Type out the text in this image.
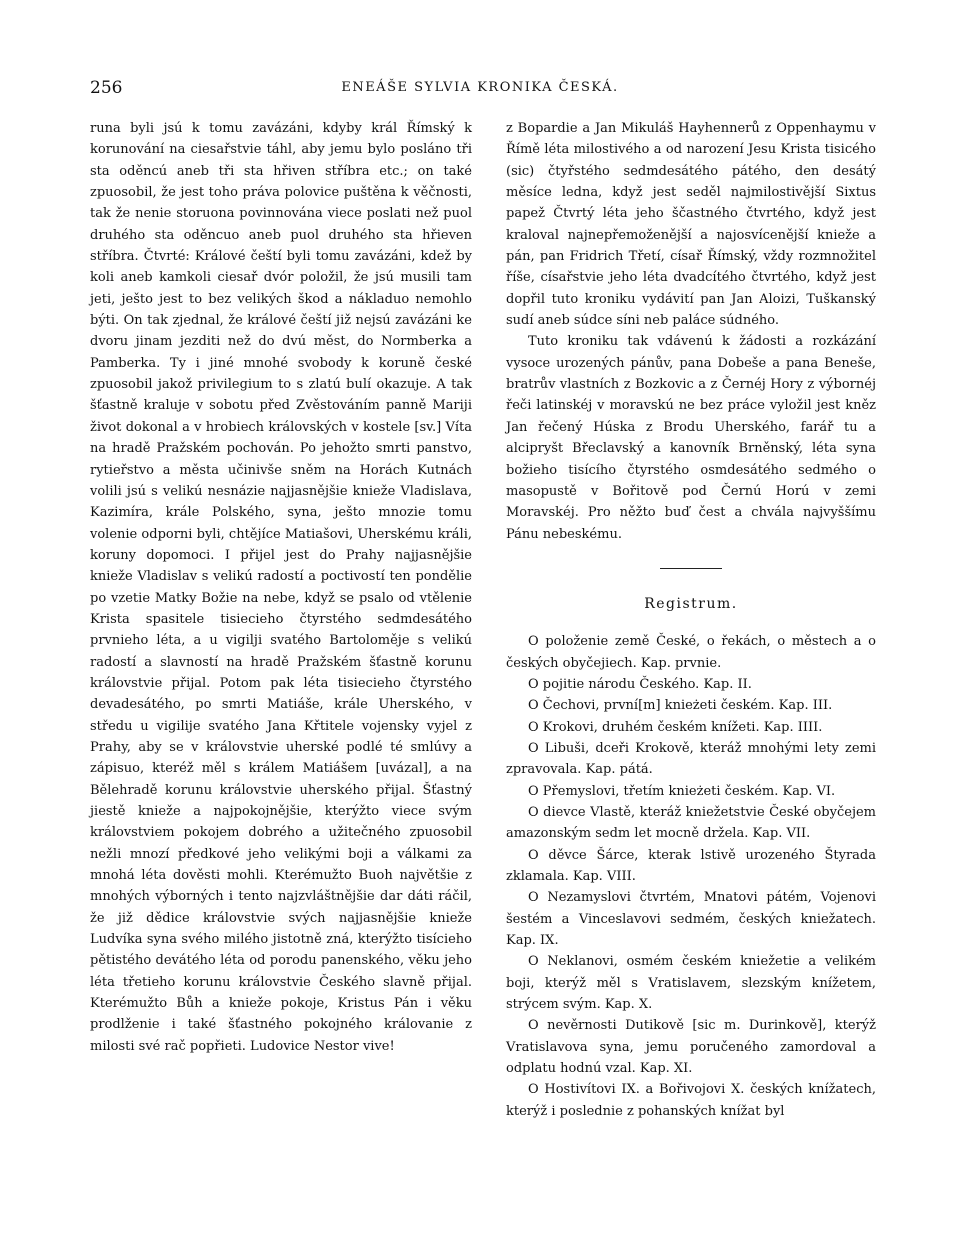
256	ENEÁŠE SYLVIA KRONIKA ČESKÁ.

runa byli jsú k tomu zavázáni, kdyby král Římský k korunování na ciesařstvie táhl, aby jemu bylo posláno tři sta oděncú aneb tři sta hřiven stříbra etc.; on také zpuosobil, že jest toho práva polovice puštěna k věčnosti, tak že nenie storuona povinnována viece poslati než puol druhého sta oděncuo aneb puol druhého sta hřieven stříbra. Čtvrté: Králové čeští byli tomu zavázáni, kdež by koli aneb kamkoli ciesař dvór položil, že jsú musili tam jeti, ješto jest to bez velikých škod a nákladuo nemohlo býti. On tak zjednal, že králové čeští již nejsú zavázáni ke dvoru jinam jezditi než do dvú měst, do Normberka a Pamberka. Ty i jiné mnohé svobody k koruně české zpuosobil jakož privilegium to s zlatú bulí okazuje. A tak šťastně kraluje v sobotu před Zvěstováním panně Mariji život dokonal a v hrobiech královských v kostele [sv.] Víta na hradě Pražském pochován. Po jehožto smrti panstvo, rytieřstvo a města učinivše sněm na Horách Kutnách volili jsú s velikú nesnázie najjasnějšie knieže Vladislava, Kazimíra, krále Polského, syna, ješto mnozie tomu volenie odporni byli, chtějíce Matiašovi, Uherskému králi, koruny dopomoci. I přijel jest do Prahy najjasnějšie knieže Vladislav s velikú radostí a poctivostí ten pondělie po vzetie Matky Božie na nebe, když se psalo od vtělenie Krista spasitele tisiecieho čtyrstého sedmdesátého prvnieho léta, a u vigilji svatého Bartoloměje s velikú radostí a slavností na hradě Pražském šťastně korunu královstvie přijal. Potom pak léta tisiecieho čtyrstého devadesátého, po smrti Matiáše, krále Uherského, v středu u vigilije svatého Jana Křtitele vojensky vyjel z Prahy, aby se v královstvie uherské podlé té smlúvy a zápisuo, kteréž měl s králem Matiášem [uvázal], a na Bělehradě korunu královstvie uherského přijal. Šťastný jiestě knieže a najpokojnějšie, kterýžto viece svým královstviem pokojem dobrého a užitečného zpuosobil nežli mnozí předkové jeho velikými boji a válkami za mnohá léta dověsti mohli. Kterémužto Buoh najvětšie z mnohých výborných i tento najzvláštnějšie dar dáti ráčil, že již dědice královstvie svých najjasnějšie knieže Ludvíka syna svého milého jistotně zná, kterýžto tisícieho pětistého devátého léta od porodu panenského, věku jeho léta třetieho korunu královstvie Českého slavně přijal. Kterémužto Bůh a knieže pokoje, Kristus Pán i věku prodlženie i také šťastného pokojného královanie z milosti své rač popřieti. Ludovice Nestor vive!

z Bopardie a Jan Mikuláš Hayhennerů z Oppenhaymu v Římě léta milostivého a od narození Jesu Krista tisicého (sic) čtyřstého sedmdesátého pátého, den desátý měsíce ledna, když jest seděl najmilostivější Sixtus papež Čtvrtý léta jeho ščastného čtvrtého, když jest kraloval najnepřemoženější a najosvícenější knieže a pán, pan Fridrich Třetí, císař Římský, vždy rozmnožitel říše, císařstvie jeho léta dvadcítého čtvrtého, když jest dopřil tuto kroniku vydávití pan Jan Aloizi, Tuškanský sudí aneb súdce síni neb paláce súdného.

Tuto kroniku tak vdávenú k žádosti a rozkázání vysoce urozených pánův, pana Dobeše a pana Beneše, bratrův vlastních z Bozkovic a z Černéj Hory z výbornéj řeči latinskéj v moravskú ne bez práce vyložil jest kněz Jan řečený Húska z Brodu Uherského, farář tu a alcipryšt Břeclavský a kanovník Brněnský, léta syna božieho tisícího čtyrstého osmdesátého sedmého o masopustě v Bořitově pod Černú Horú v zemi Moravskéj. Pro něžto buď čest a chvála najvyššímu Pánu nebeskému.

Registrum.

O položenie země České, o řekách, o městech a o českých obyčejiech. Kap. prvnie.

O pojitie národu Českého. Kap. II.

O Čechovi, první[m] knieżeti českém. Kap. III.

O Krokovi, druhém českém knížeti. Kap. IIII.

O Libuši, dceři Krokově, kteráž mnohými lety zemi zpravovala. Kap. pátá.

O Přemyslovi, třetím knieżeti českém. Kap. VI.

O dievce Vlastě, kteráž kniežetstvie České obyčejem amazonským sedm let mocně držela. Kap. VII.

O děvce Šárce, kterak lstivě urozeného Štyrada zklamala. Kap. VIII.

O Nezamyslovi čtvrtém, Mnatovi pátém, Vojenovi šestém a Vinceslavovi sedmém, českých kniežatech. Kap. IX.

O Neklanovi, osmém českém kniežetie a velikém boji, kterýž měl s Vratislavem, slezským knížetem, strýcem svým. Kap. X.

O nevěrnosti Dutikově [sic m. Durinkově], kterýž Vratislavova syna, jemu poručeného zamordoval a odplatu hodnú vzal. Kap. XI.

O Hostivítovi IX. a Bořivojovi X. českých knížatech, kterýž i poslednie z pohanských knížat byl
